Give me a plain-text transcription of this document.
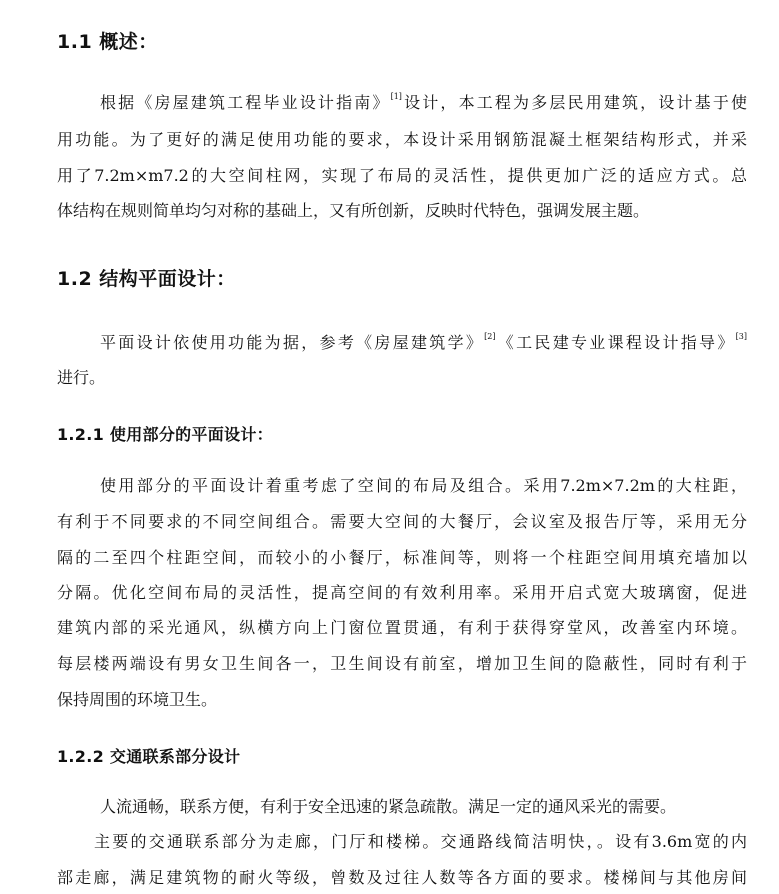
1.1 概述：
根据《房屋建筑工程毕业设计指南》[1]设计，本工程为多层民用建筑，设计基于使
用功能。为了更好的满足使用功能的要求，本设计采用钢筋混凝土框架结构形式，并采
用了7.2m×m7.2的大空间柱网，实现了布局的灵活性，提供更加广泛的适应方式。总
体结构在规则简单均匀对称的基础上，又有所创新，反映时代特色，强调发展主题。
1.2 结构平面设计：
平面设计依使用功能为据，参考《房屋建筑学》[2]《工民建专业课程设计指导》[3]
进行。
1.2.1 使用部分的平面设计：
使用部分的平面设计着重考虑了空间的布局及组合。采用7.2m×7.2m的大柱距，
有利于不同要求的不同空间组合。需要大空间的大餐厅，会议室及报告厅等，采用无分
隔的二至四个柱距空间，而较小的小餐厅，标准间等，则将一个柱距空间用填充墙加以
分隔。优化空间布局的灵活性，提高空间的有效利用率。采用开启式宽大玻璃窗，促进
建筑内部的采光通风，纵横方向上门窗位置贯通，有利于获得穿堂风，改善室内环境。
每层楼两端设有男女卫生间各一，卫生间设有前室，增加卫生间的隐蔽性，同时有利于
保持周围的环境卫生。
1.2.2 交通联系部分设计
人流通畅，联系方便，有利于安全迅速的紧急疏散。满足一定的通风采光的需要。
主要的交通联系部分为走廊，门厅和楼梯。交通路线简洁明快，。设有3.6m宽的内
部走廊，满足建筑物的耐火等级，曾数及过往人数等各方面的要求。楼梯间与其他房间
